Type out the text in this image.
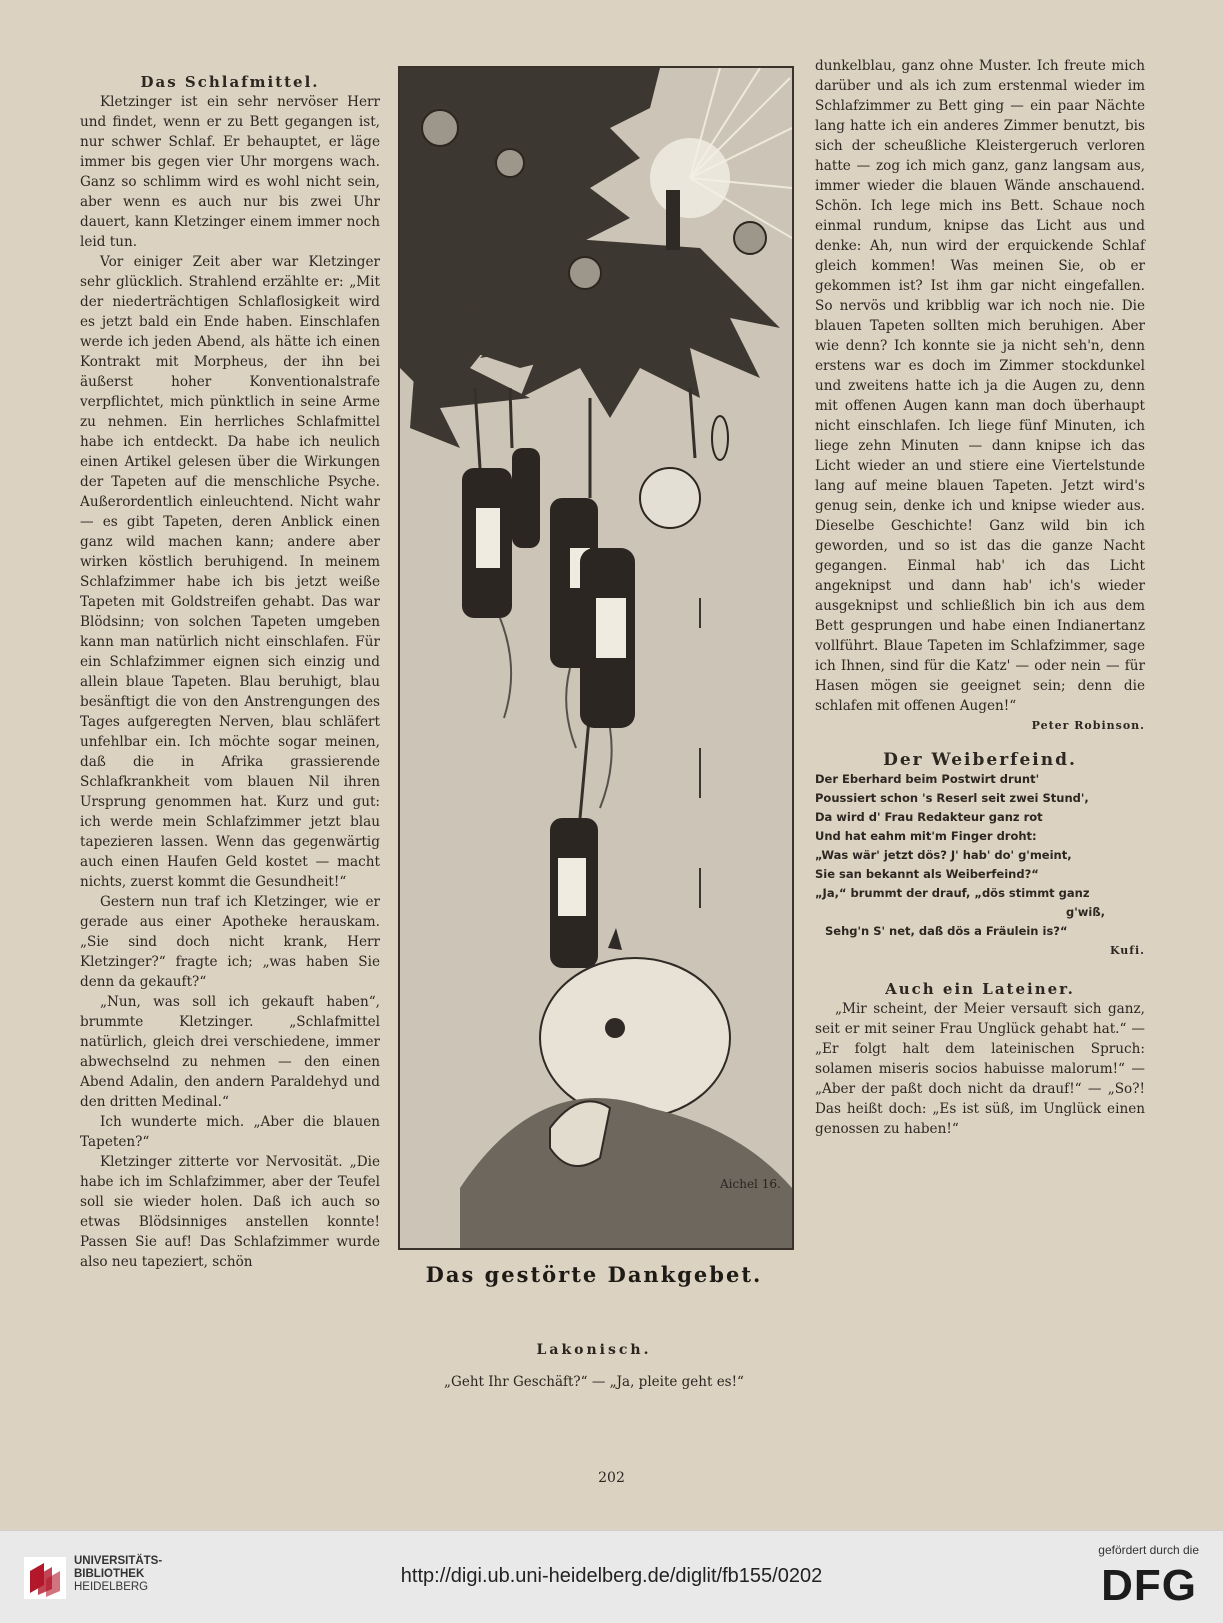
Das Schlafmittel.

Kletzinger ist ein sehr nervöser Herr und findet, wenn er zu Bett gegangen ist, nur schwer Schlaf. Er behauptet, er läge immer bis gegen vier Uhr morgens wach. Ganz so schlimm wird es wohl nicht sein, aber wenn es auch nur bis zwei Uhr dauert, kann Kletzinger einem immer noch leid tun.

Vor einiger Zeit aber war Kletzinger sehr glücklich. Strahlend erzählte er: „Mit der niederträchtigen Schlaflosigkeit wird es jetzt bald ein Ende haben. Einschlafen werde ich jeden Abend, als hätte ich einen Kontrakt mit Morpheus, der ihn bei äußerst hoher Konventionalstrafe verpflichtet, mich pünktlich in seine Arme zu nehmen. Ein herrliches Schlafmittel habe ich entdeckt. Da habe ich neulich einen Artikel gelesen über die Wirkungen der Tapeten auf die menschliche Psyche. Außerordentlich einleuchtend. Nicht wahr — es gibt Tapeten, deren Anblick einen ganz wild machen kann; andere aber wirken köstlich beruhigend. In meinem Schlafzimmer habe ich bis jetzt weiße Tapeten mit Goldstreifen gehabt. Das war Blödsinn; von solchen Tapeten umgeben kann man natürlich nicht einschlafen. Für ein Schlafzimmer eignen sich einzig und allein blaue Tapeten. Blau beruhigt, blau besänftigt die von den Anstrengungen des Tages aufgeregten Nerven, blau schläfert unfehlbar ein. Ich möchte sogar meinen, daß die in Afrika grassierende Schlafkrankheit vom blauen Nil ihren Ursprung genommen hat. Kurz und gut: ich werde mein Schlafzimmer jetzt blau tapezieren lassen. Wenn das gegenwärtig auch einen Haufen Geld kostet — macht nichts, zuerst kommt die Gesundheit!“

Gestern nun traf ich Kletzinger, wie er gerade aus einer Apotheke herauskam. „Sie sind doch nicht krank, Herr Kletzinger?“ fragte ich; „was haben Sie denn da gekauft?“

„Nun, was soll ich gekauft haben“, brummte Kletzinger. „Schlafmittel natürlich, gleich drei verschiedene, immer abwechselnd zu nehmen — den einen Abend Adalin, den andern Paraldehyd und den dritten Medinal.“

Ich wunderte mich. „Aber die blauen Tapeten?“

Kletzinger zitterte vor Nervosität. „Die habe ich im Schlafzimmer, aber der Teufel soll sie wieder holen. Daß ich auch so etwas Blödsinniges anstellen konnte! Passen Sie auf! Das Schlafzimmer wurde also neu tapeziert, schön

Aichel 16.
Das gestörte Dankgebet.
Lakonisch.
„Geht Ihr Geschäft?“ — „Ja, pleite geht es!“

dunkelblau, ganz ohne Muster. Ich freute mich darüber und als ich zum erstenmal wieder im Schlafzimmer zu Bett ging — ein paar Nächte lang hatte ich ein anderes Zimmer benutzt, bis sich der scheußliche Kleistergeruch verloren hatte — zog ich mich ganz, ganz langsam aus, immer wieder die blauen Wände anschauend. Schön. Ich lege mich ins Bett. Schaue noch einmal rundum, knipse das Licht aus und denke: Ah, nun wird der erquickende Schlaf gleich kommen! Was meinen Sie, ob er gekommen ist? Ist ihm gar nicht eingefallen. So nervös und kribblig war ich noch nie. Die blauen Tapeten sollten mich beruhigen. Aber wie denn? Ich konnte sie ja nicht seh'n, denn erstens war es doch im Zimmer stockdunkel und zweitens hatte ich ja die Augen zu, denn mit offenen Augen kann man doch überhaupt nicht einschlafen. Ich liege fünf Minuten, ich liege zehn Minuten — dann knipse ich das Licht wieder an und stiere eine Viertelstunde lang auf meine blauen Tapeten. Jetzt wird's genug sein, denke ich und knipse wieder aus. Dieselbe Geschichte! Ganz wild bin ich geworden, und so ist das die ganze Nacht gegangen. Einmal hab' ich das Licht angeknipst und dann hab' ich's wieder ausgeknipst und schließlich bin ich aus dem Bett gesprungen und habe einen Indianertanz vollführt. Blaue Tapeten im Schlafzimmer, sage ich Ihnen, sind für die Katz' — oder nein — für Hasen mögen sie geeignet sein; denn die schlafen mit offenen Augen!“

Peter Robinson.

Der Weiberfeind.

Der Eberhard beim Postwirt drunt'
Poussiert schon 's Reserl seit zwei Stund',
Da wird d' Frau Redakteur ganz rot
Und hat eahm mit'm Finger droht:
„Was wär' jetzt dös? J' hab' do' g'meint,
Sie san bekannt als Weiberfeind?“
„Ja,“ brummt der drauf, „dös stimmt ganz
g'wiß,
Sehg'n S' net, daß dös a Fräulein is?“
Kufi.

Auch ein Lateiner.

„Mir scheint, der Meier versauft sich ganz, seit er mit seiner Frau Unglück gehabt hat.“ — „Er folgt halt dem lateinischen Spruch: solamen miseris socios habuisse malorum!“ — „Aber der paßt doch nicht da drauf!“ — „So?! Das heißt doch: „Es ist süß, im Unglück einen genossen zu haben!“

202
UNIVERSITÄTS-
BIBLIOTHEK
HEIDELBERG	http://digi.ub.uni-heidelberg.de/diglit/fb155/0202
gefördert durch die
DFG
